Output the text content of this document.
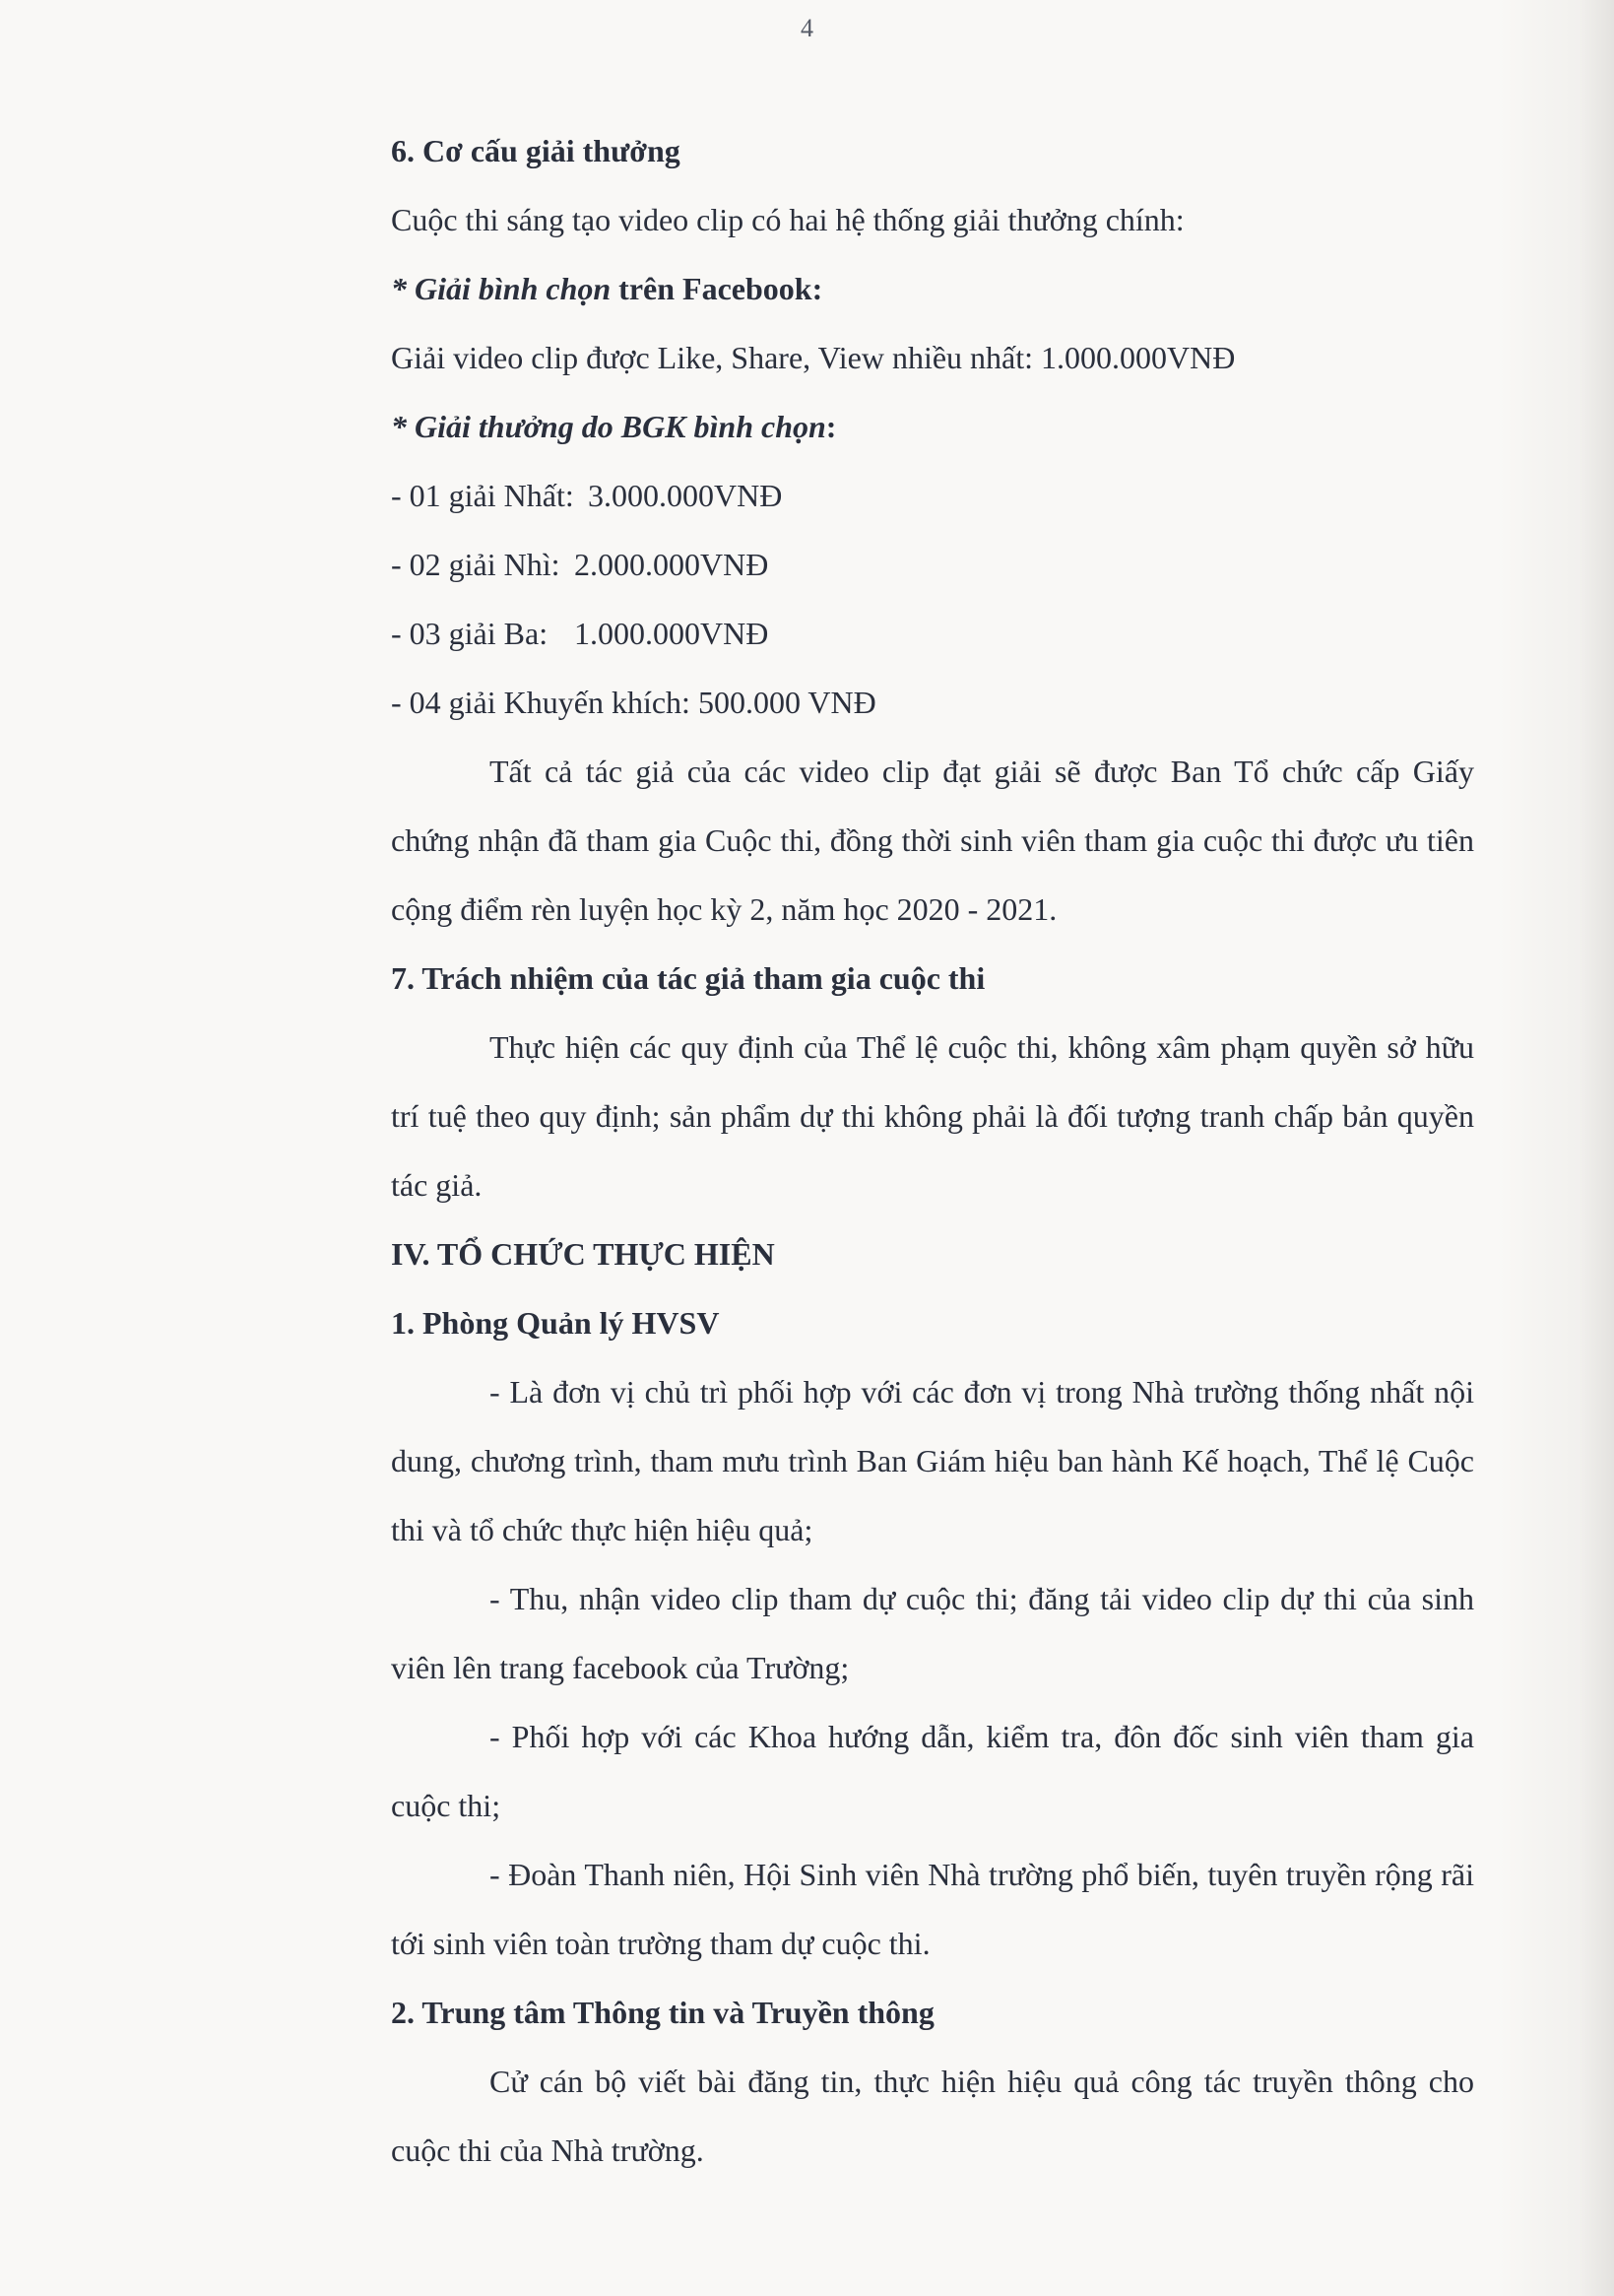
4

6. Cơ cấu giải thưởng

Cuộc thi sáng tạo video clip có hai hệ thống giải thưởng chính:

* Giải bình chọn trên Facebook:

Giải video clip được Like, Share, View nhiều nhất: 1.000.000VNĐ

* Giải thưởng do BGK bình chọn:

- 01 giải Nhất: 3.000.000VNĐ

- 02 giải Nhì: 2.000.000VNĐ

- 03 giải Ba: 1.000.000VNĐ

- 04 giải Khuyến khích: 500.000 VNĐ

Tất cả tác giả của các video clip đạt giải sẽ được Ban Tổ chức cấp Giấy chứng nhận đã tham gia Cuộc thi, đồng thời sinh viên tham gia cuộc thi được ưu tiên cộng điểm rèn luyện học kỳ 2, năm học 2020 - 2021.

7. Trách nhiệm của tác giả tham gia cuộc thi

Thực hiện các quy định của Thể lệ cuộc thi, không xâm phạm quyền sở hữu trí tuệ theo quy định; sản phẩm dự thi không phải là đối tượng tranh chấp bản quyền tác giả.

IV. TỔ CHỨC THỰC HIỆN

1. Phòng Quản lý HVSV

- Là đơn vị chủ trì phối hợp với các đơn vị trong Nhà trường thống nhất nội dung, chương trình, tham mưu trình Ban Giám hiệu ban hành Kế hoạch, Thể lệ Cuộc thi và tổ chức thực hiện hiệu quả;

- Thu, nhận video clip tham dự cuộc thi; đăng tải video clip dự thi của sinh viên lên trang facebook của Trường;

- Phối hợp với các Khoa hướng dẫn, kiểm tra, đôn đốc sinh viên tham gia cuộc thi;

- Đoàn Thanh niên, Hội Sinh viên Nhà trường phổ biến, tuyên truyền rộng rãi tới sinh viên toàn trường tham dự cuộc thi.

2. Trung tâm Thông tin và Truyền thông

Cử cán bộ viết bài đăng tin, thực hiện hiệu quả công tác truyền thông cho cuộc thi của Nhà trường.
